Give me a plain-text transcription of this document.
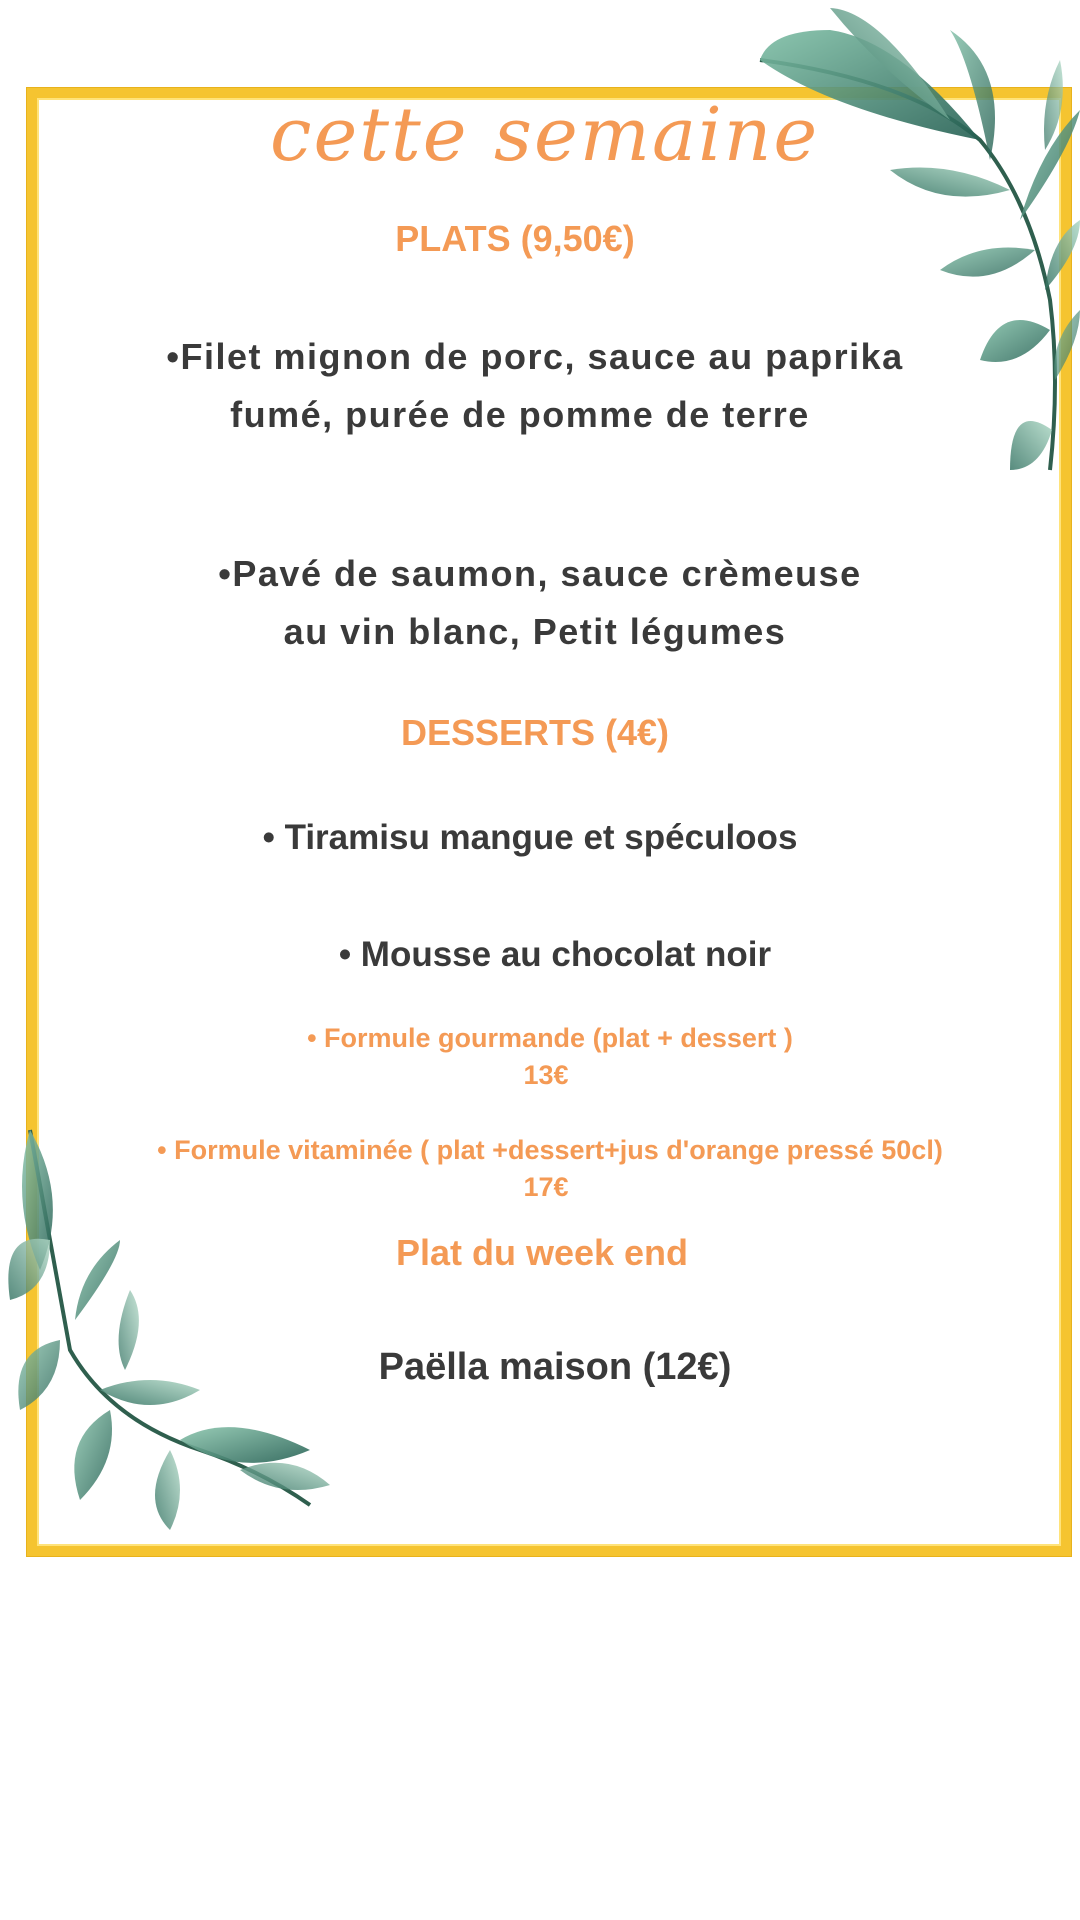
cette semaine
PLATS (9,50€)
•Filet mignon de porc, sauce au paprika
fumé, purée de pomme de terre
•Pavé de saumon, sauce crèmeuse
au vin blanc, Petit légumes
DESSERTS (4€)
• Tiramisu mangue et spéculoos
• Mousse au chocolat noir
• Formule gourmande (plat + dessert )
13€
• Formule vitaminée ( plat +dessert+jus d'orange pressé 50cl)
17€
Plat du week end
Paëlla maison (12€)
